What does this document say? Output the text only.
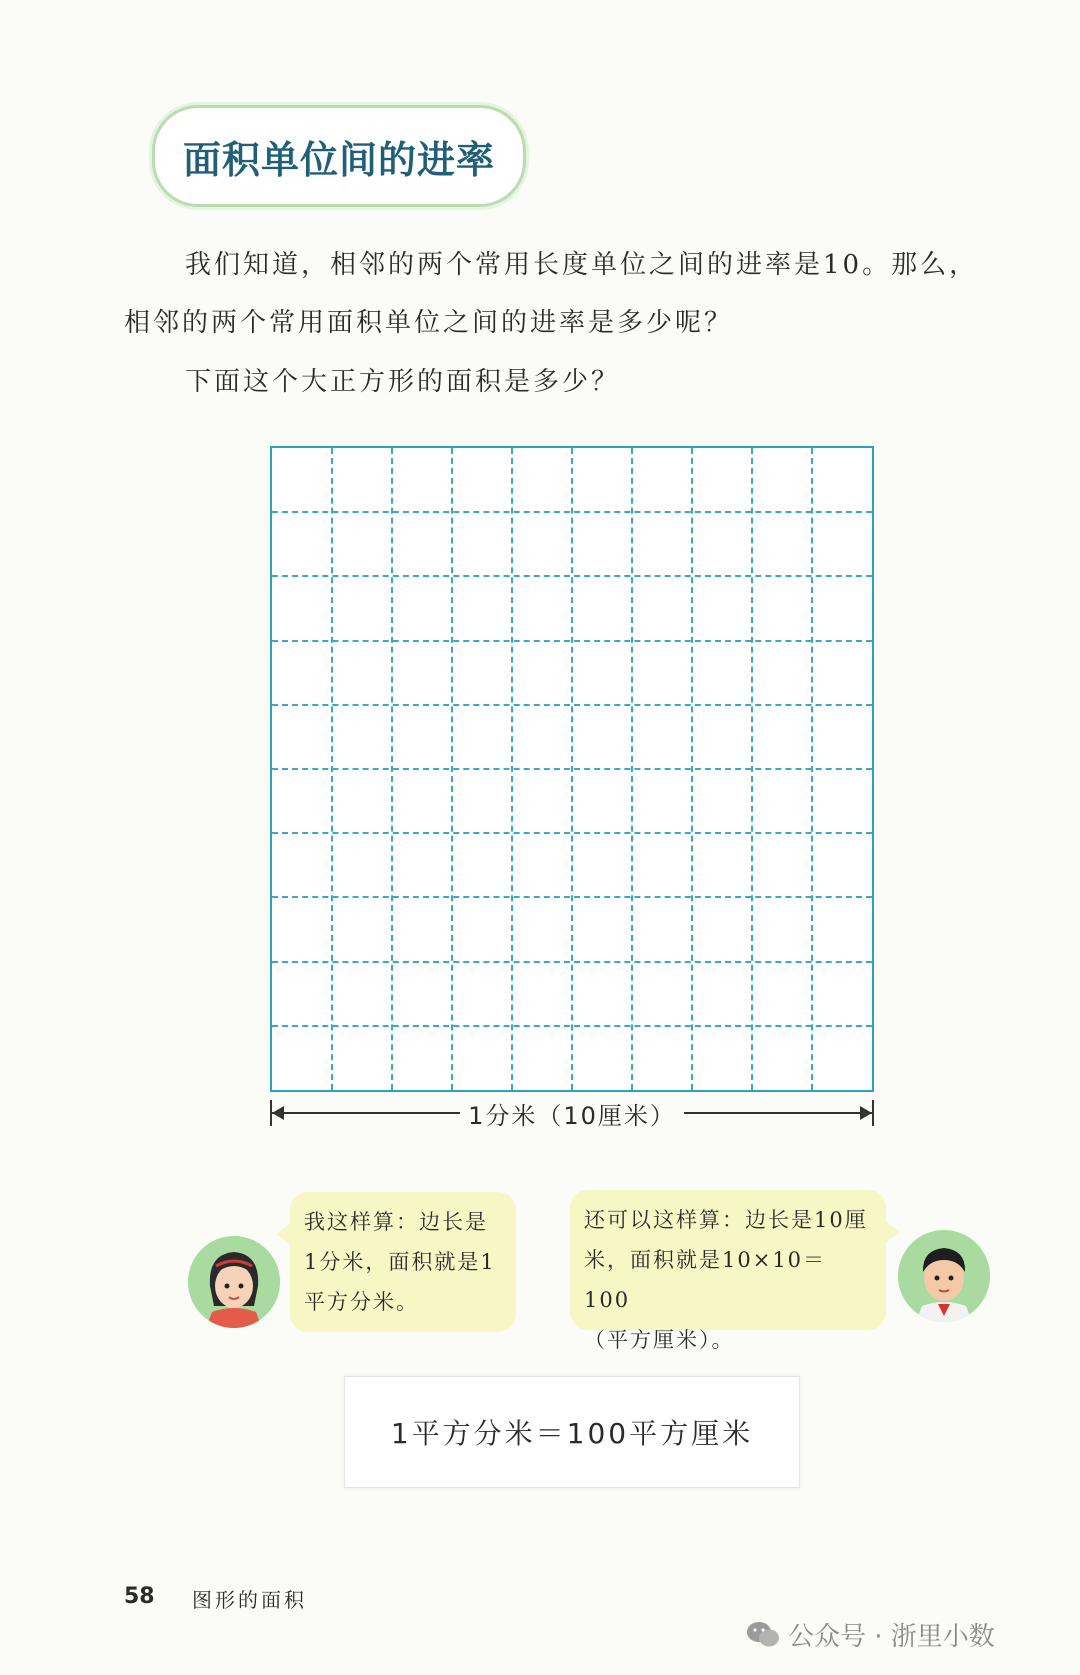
面积单位间的进率
我们知道，相邻的两个常用长度单位之间的进率是10。那么，
相邻的两个常用面积单位之间的进率是多少呢？
下面这个大正方形的面积是多少？
1分米（10厘米）
我这样算：边长是
1分米，面积就是1
平方分米。
还可以这样算：边长是10厘
米，面积就是10×10＝100
（平方厘米）。
1平方分米＝100平方厘米
58 图形的面积
公众号 · 浙里小数
